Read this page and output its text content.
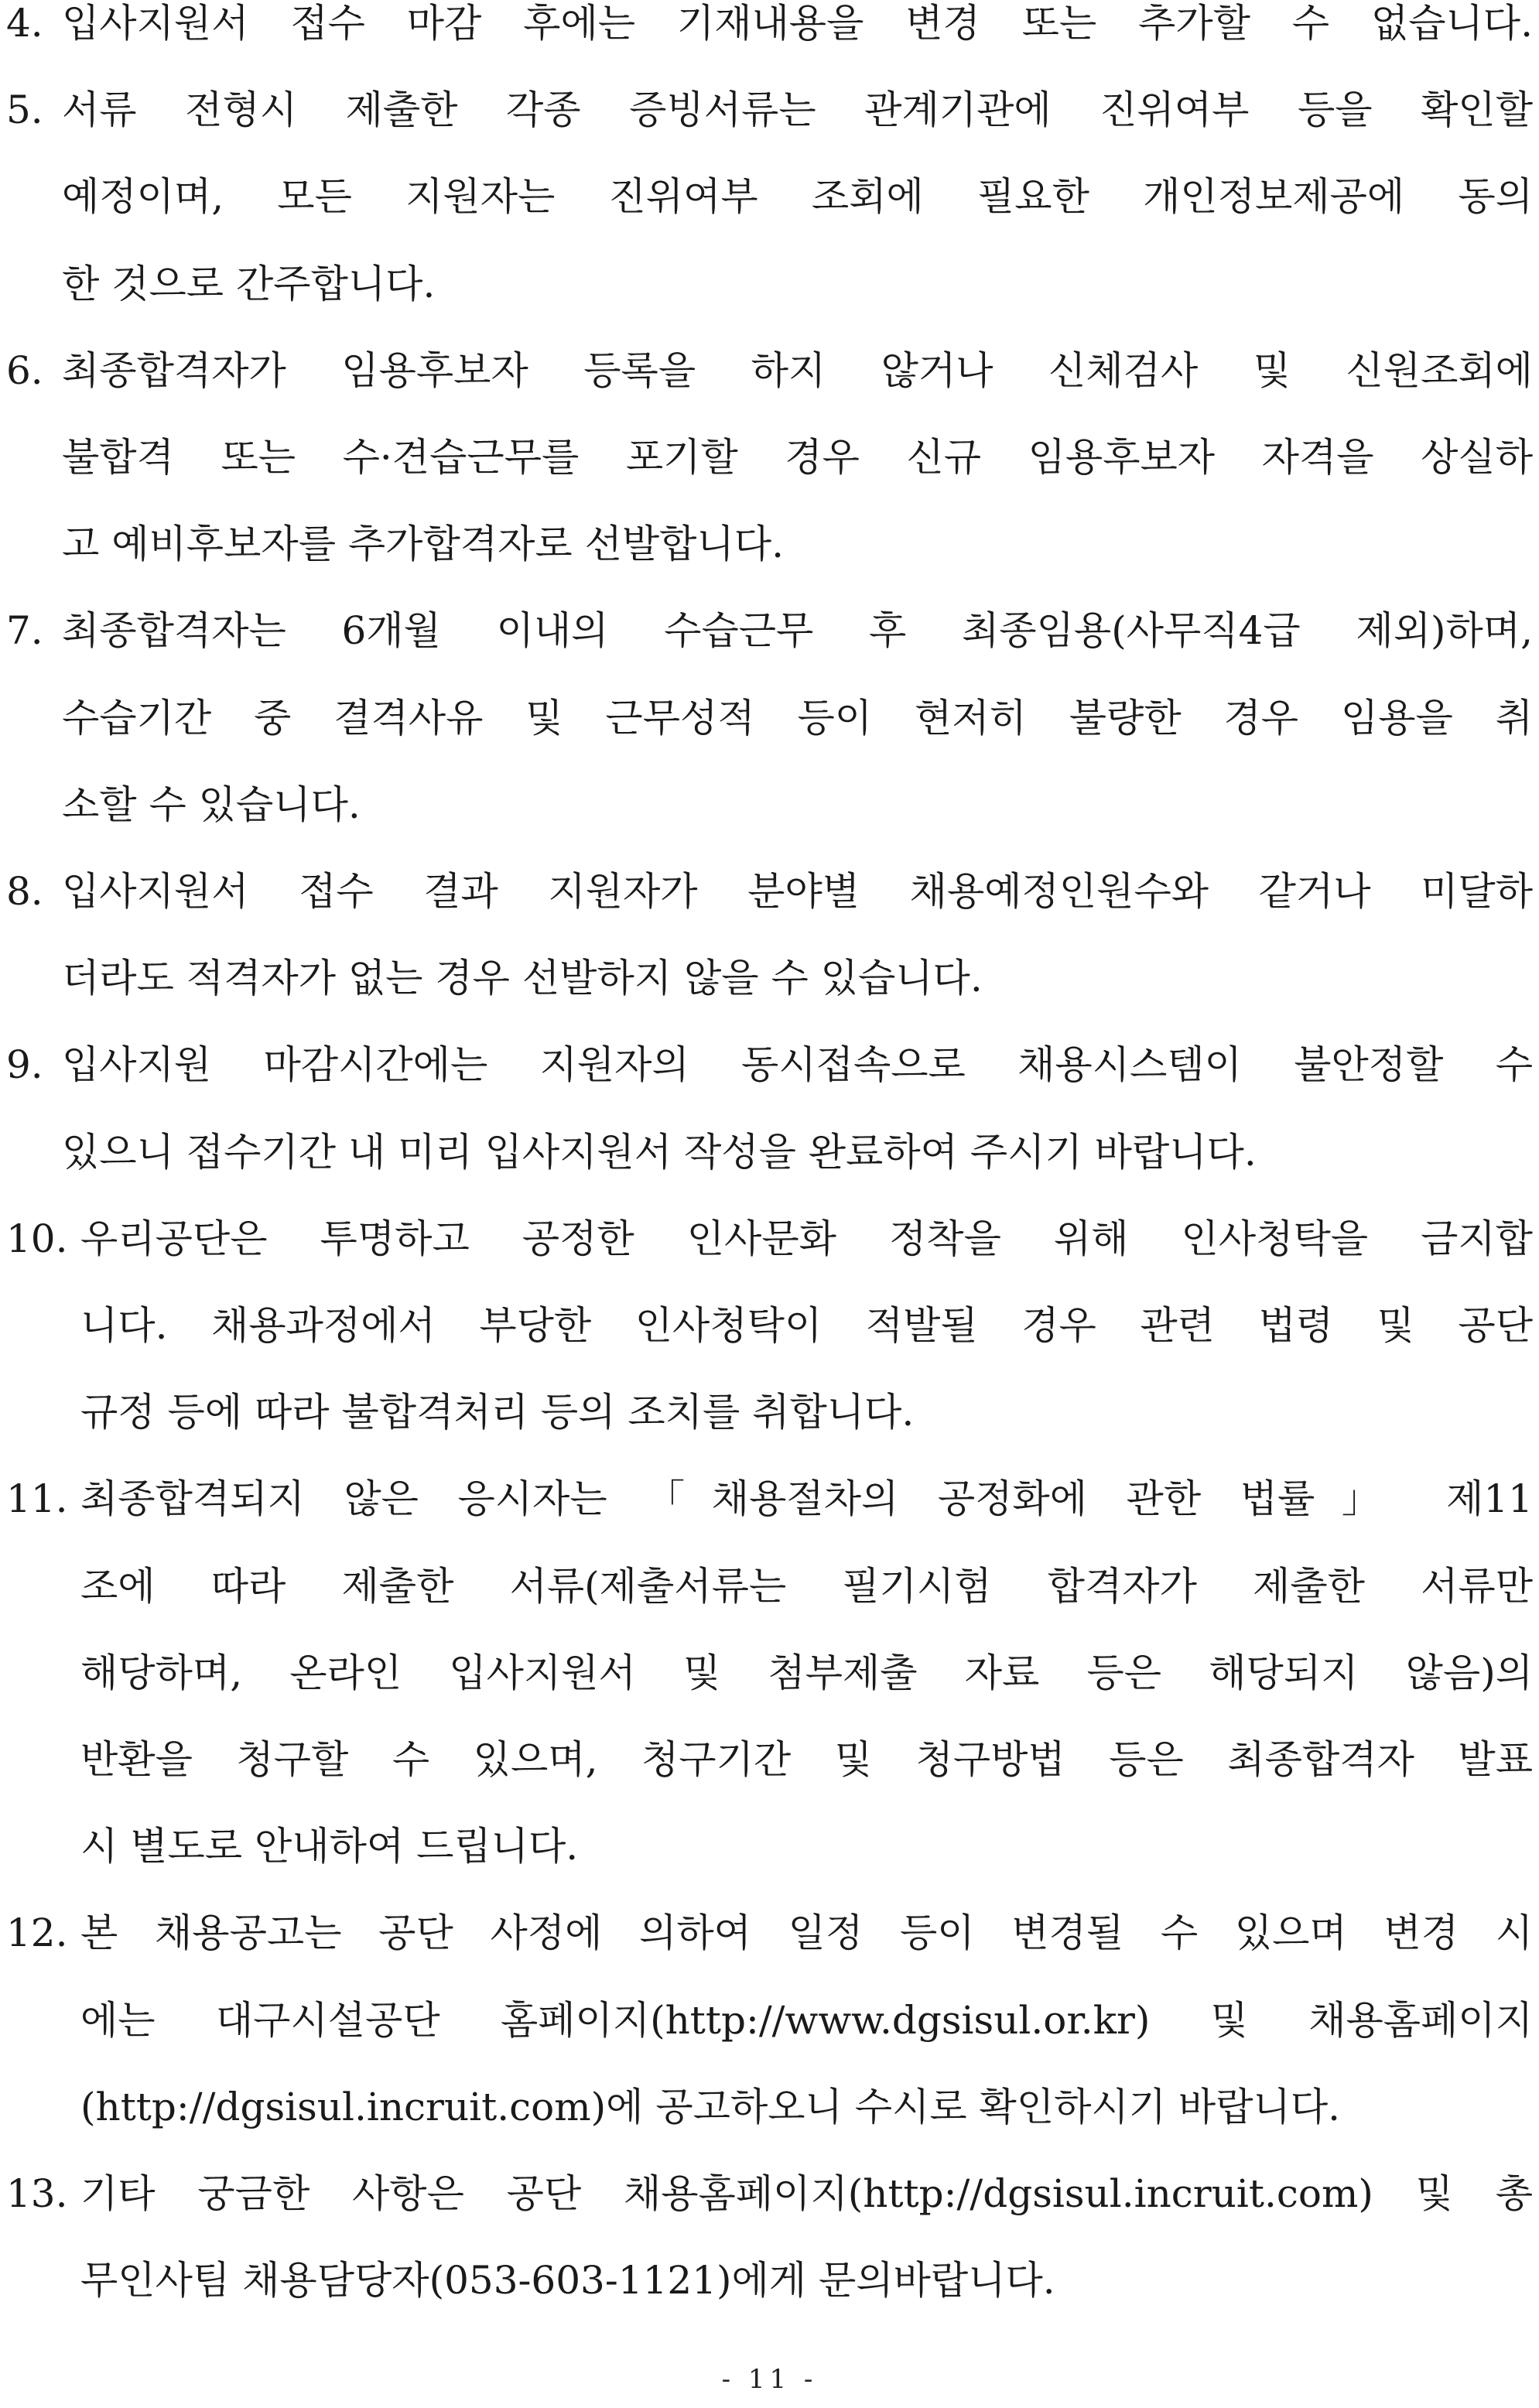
4. 입사지원서 접수 마감 후에는 기재내용을 변경 또는 추가할 수 없습니다.
5. 서류 전형시 제출한 각종 증빙서류는 관계기관에 진위여부 등을 확인할
예정이며, 모든 지원자는 진위여부 조회에 필요한 개인정보제공에 동의
한 것으로 간주합니다.
6. 최종합격자가 임용후보자 등록을 하지 않거나 신체검사 및 신원조회에
불합격 또는 수·견습근무를 포기할 경우 신규 임용후보자 자격을 상실하
고 예비후보자를 추가합격자로 선발합니다.
7. 최종합격자는 6개월 이내의 수습근무 후 최종임용(사무직4급 제외)하며,
수습기간 중 결격사유 및 근무성적 등이 현저히 불량한 경우 임용을 취
소할 수 있습니다.
8. 입사지원서 접수 결과 지원자가 분야별 채용예정인원수와 같거나 미달하
더라도 적격자가 없는 경우 선발하지 않을 수 있습니다.
9. 입사지원 마감시간에는 지원자의 동시접속으로 채용시스템이 불안정할 수
있으니 접수기간 내 미리 입사지원서 작성을 완료하여 주시기 바랍니다.
10. 우리공단은 투명하고 공정한 인사문화 정착을 위해 인사청탁을 금지합
니다. 채용과정에서 부당한 인사청탁이 적발될 경우 관련 법령 및 공단
규정 등에 따라 불합격처리 등의 조치를 취합니다.
11. 최종합격되지 않은 응시자는 「채용절차의 공정화에 관한 법률」 제11
조에 따라 제출한 서류(제출서류는 필기시험 합격자가 제출한 서류만
해당하며, 온라인 입사지원서 및 첨부제출 자료 등은 해당되지 않음)의
반환을 청구할 수 있으며, 청구기간 및 청구방법 등은 최종합격자 발표
시 별도로 안내하여 드립니다.
12. 본 채용공고는 공단 사정에 의하여 일정 등이 변경될 수 있으며 변경 시
에는 대구시설공단 홈페이지(http://www.dgsisul.or.kr) 및 채용홈페이지
(http://dgsisul.incruit.com)에 공고하오니 수시로 확인하시기 바랍니다.
13. 기타 궁금한 사항은 공단 채용홈페이지(http://dgsisul.incruit.com) 및 총
무인사팀 채용담당자(053-603-1121)에게 문의바랍니다.
- 11 -
